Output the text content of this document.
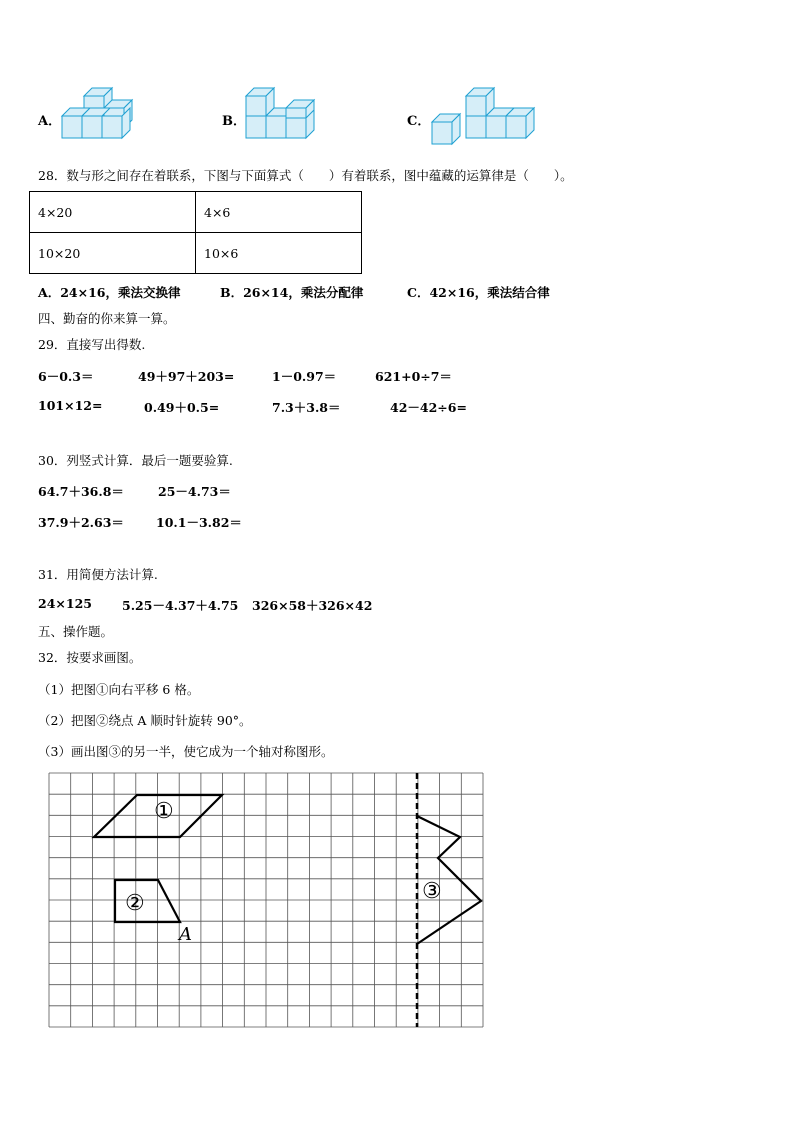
A．	B．	C．
28．数与形之间存在着联系，下图与下面算式（　　）有着联系，图中蕴藏的运算律是（　　）。
4×20	4×6
10×20	10×6
A．24×16，乘法交换律	B．26×14，乘法分配律	C．42×16，乘法结合律
四、勤奋的你来算一算。
29．直接写出得数.
6－0.3＝	49＋97＋203=	1－0.97＝	621+0÷7＝
101×12=	0.49＋0.5=	7.3＋3.8＝	42－42÷6=
30．列竖式计算．最后一题要验算.
64.7＋36.8＝	25－4.73＝
37.9＋2.63＝	10.1－3.82＝
31．用简便方法计算.
24×125 5.25－4.37＋4.75 326×58＋326×42
五、操作题。
32．按要求画图。
（1）把图①向右平移 6 格。
（2）把图②绕点 A 顺时针旋转 90°。
（3）画出图③的另一半，使它成为一个轴对称图形。
①
②	③
A
